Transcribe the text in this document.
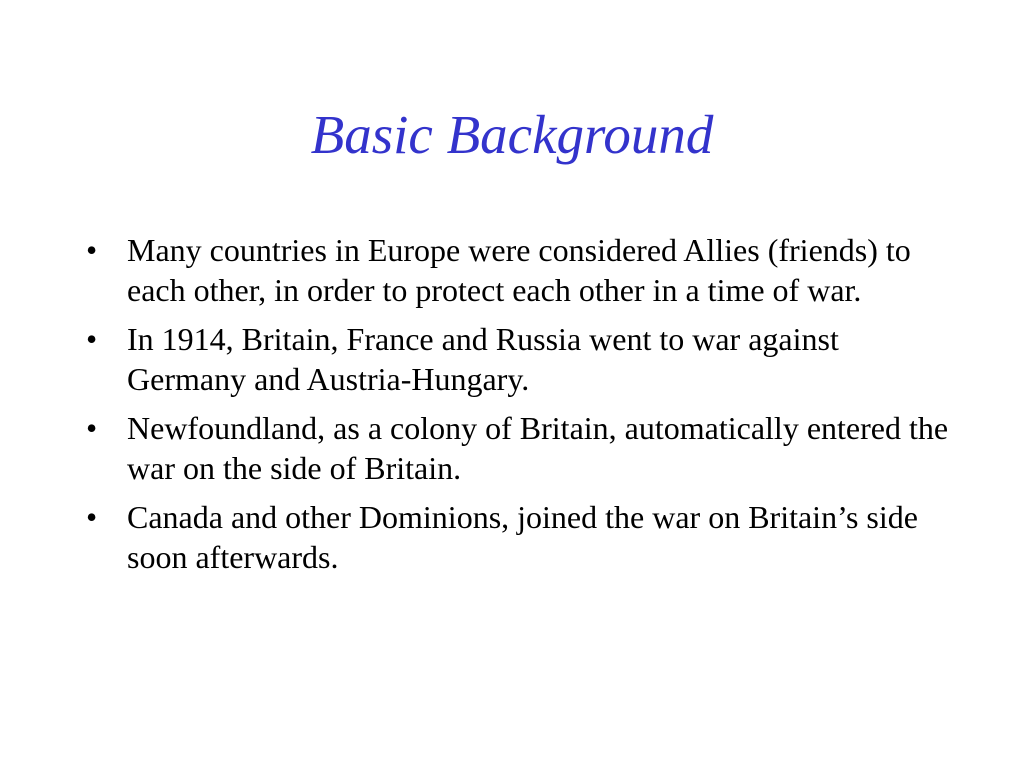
Basic Background
• Many countries in Europe were considered Allies (friends) to each other, in order to protect each other in a time of war.
• In 1914, Britain, France and Russia went to war against Germany and Austria-Hungary.
• Newfoundland, as a colony of Britain, automatically entered the war on the side of Britain.
• Canada and other Dominions, joined the war on Britain’s side soon afterwards.
